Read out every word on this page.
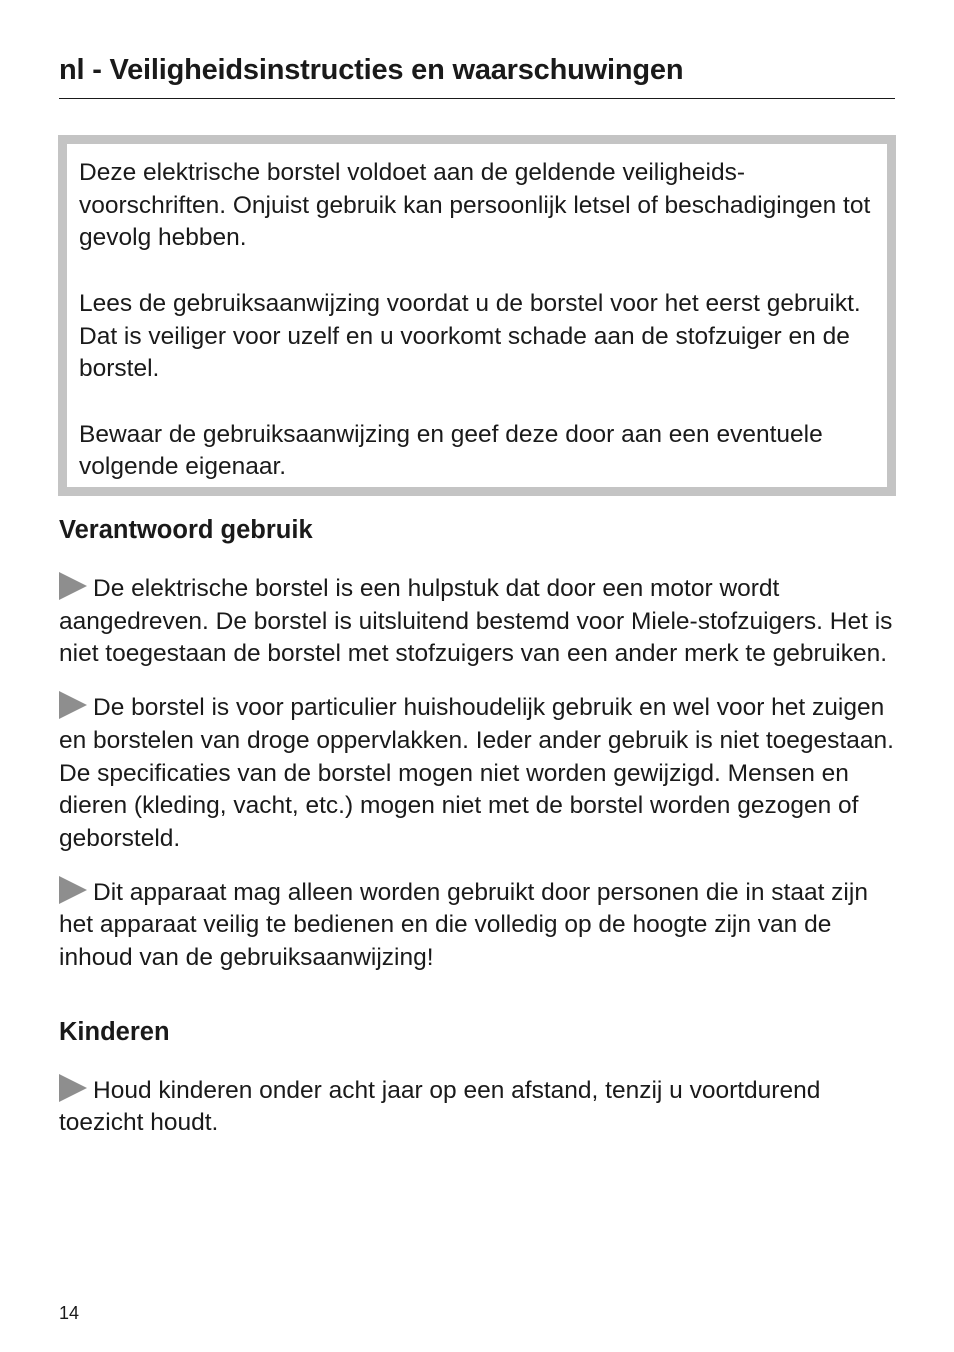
nl - Veiligheidsinstructies en waarschuwingen

Deze elektrische borstel voldoet aan de geldende veiligheidsvoorschriften. Onjuist gebruik kan persoonlijk letsel of beschadigingen tot gevolg hebben.

Lees de gebruiksaanwijzing voordat u de borstel voor het eerst gebruikt. Dat is veiliger voor uzelf en u voorkomt schade aan de stofzuiger en de borstel.

Bewaar de gebruiksaanwijzing en geef deze door aan een eventuele volgende eigenaar.

Verantwoord gebruik

De elektrische borstel is een hulpstuk dat door een motor wordt aangedreven. De borstel is uitsluitend bestemd voor Miele-stofzuigers. Het is niet toegestaan de borstel met stofzuigers van een ander merk te gebruiken.

De borstel is voor particulier huishoudelijk gebruik en wel voor het zuigen en borstelen van droge oppervlakken. Ieder ander gebruik is niet toegestaan.
De specificaties van de borstel mogen niet worden gewijzigd. Mensen en dieren (kleding, vacht, etc.) mogen niet met de borstel worden gezogen of geborsteld.

Dit apparaat mag alleen worden gebruikt door personen die in staat zijn het apparaat veilig te bedienen en die volledig op de hoogte zijn van de inhoud van de gebruiksaanwijzing!

Kinderen

Houd kinderen onder acht jaar op een afstand, tenzij u voortdurend toezicht houdt.

14
